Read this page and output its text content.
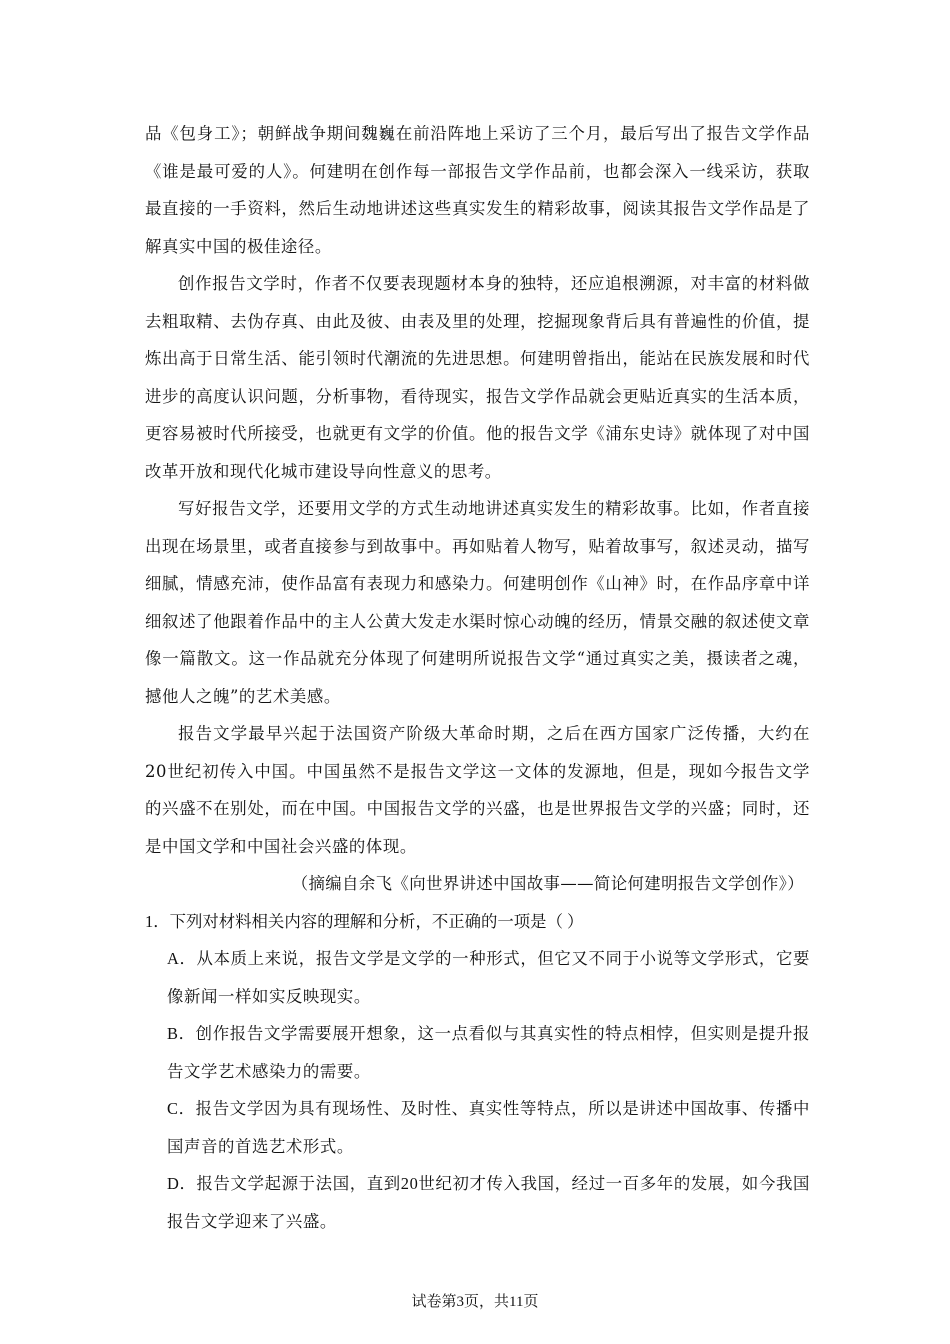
品《包身工》；朝鲜战争期间魏巍在前沿阵地上采访了三个月，最后写出了报告文学作品《谁是最可爱的人》。何建明在创作每一部报告文学作品前，也都会深入一线采访，获取最直接的一手资料，然后生动地讲述这些真实发生的精彩故事，阅读其报告文学作品是了解真实中国的极佳途径。

创作报告文学时，作者不仅要表现题材本身的独特，还应追根溯源，对丰富的材料做去粗取精、去伪存真、由此及彼、由表及里的处理，挖掘现象背后具有普遍性的价值，提炼出高于日常生活、能引领时代潮流的先进思想。何建明曾指出，能站在民族发展和时代进步的高度认识问题，分析事物，看待现实，报告文学作品就会更贴近真实的生活本质，更容易被时代所接受，也就更有文学的价值。他的报告文学《浦东史诗》就体现了对中国改革开放和现代化城市建设导向性意义的思考。

写好报告文学，还要用文学的方式生动地讲述真实发生的精彩故事。比如，作者直接出现在场景里，或者直接参与到故事中。再如贴着人物写，贴着故事写，叙述灵动，描写细腻，情感充沛，使作品富有表现力和感染力。何建明创作《山神》时，在作品序章中详细叙述了他跟着作品中的主人公黄大发走水渠时惊心动魄的经历，情景交融的叙述使文章像一篇散文。这一作品就充分体现了何建明所说报告文学“通过真实之美，摄读者之魂，撼他人之魄”的艺术美感。

报告文学最早兴起于法国资产阶级大革命时期，之后在西方国家广泛传播，大约在20世纪初传入中国。中国虽然不是报告文学这一文体的发源地，但是，现如今报告文学的兴盛不在别处，而在中国。中国报告文学的兴盛，也是世界报告文学的兴盛；同时，还是中国文学和中国社会兴盛的体现。

（摘编自余飞《向世界讲述中国故事——简论何建明报告文学创作》）

1．下列对材料相关内容的理解和分析，不正确的一项是（ ）

A．从本质上来说，报告文学是文学的一种形式，但它又不同于小说等文学形式，它要像新闻一样如实反映现实。

B．创作报告文学需要展开想象，这一点看似与其真实性的特点相悖，但实则是提升报告文学艺术感染力的需要。

C．报告文学因为具有现场性、及时性、真实性等特点，所以是讲述中国故事、传播中国声音的首选艺术形式。

D．报告文学起源于法国，直到20世纪初才传入我国，经过一百多年的发展，如今我国报告文学迎来了兴盛。

试卷第3页，共11页
